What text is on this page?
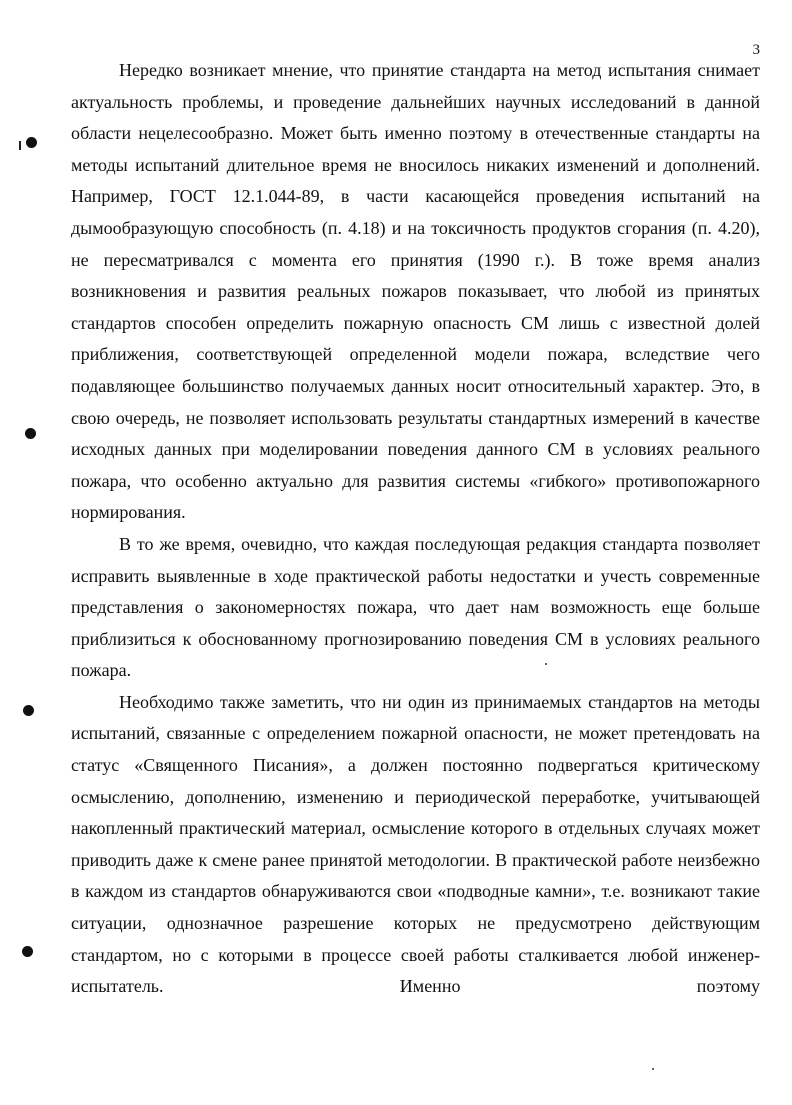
3

Нередко возникает мнение, что принятие стандарта на метод испытания снимает актуальность проблемы, и проведение дальнейших научных исследований в данной области нецелесообразно. Может быть именно поэтому в отечественные стандарты на методы испытаний длительное время не вносилось никаких изменений и дополнений. Например, ГОСТ 12.1.044-89, в части касающейся проведения испытаний на дымообразующую способность (п. 4.18) и на токсичность продуктов сгорания (п. 4.20), не пересматривался с момента его принятия (1990 г.). В тоже время анализ возникновения и развития реальных пожаров показывает, что любой из принятых стандартов способен определить пожарную опасность СМ лишь с известной долей приближения, соответствующей определенной модели пожара, вследствие чего подавляющее большинство получаемых данных носит относительный характер. Это, в свою очередь, не позволяет использовать результаты стандартных измерений в качестве исходных данных при моделировании поведения данного СМ в условиях реального пожара, что особенно актуально для развития системы «гибкого» противопожарного нормирования.

В то же время, очевидно, что каждая последующая редакция стандарта позволяет исправить выявленные в ходе практической работы недостатки и учесть современные представления о закономерностях пожара, что дает нам возможность еще больше приблизиться к обоснованному прогнозированию поведения СМ в условиях реального пожара.

Необходимо также заметить, что ни один из принимаемых стандартов на методы испытаний, связанные с определением пожарной опасности, не может претендовать на статус «Священного Писания», а должен постоянно подвергаться критическому осмыслению, дополнению, изменению и периодической переработке, учитывающей накопленный практический материал, осмысление которого в отдельных случаях может приводить даже к смене ранее принятой методологии. В практической работе неизбежно в каждом из стандартов обнаруживаются свои «подводные камни», т.е. возникают такие ситуации, однозначное разрешение которых не предусмотрено действующим стандартом, но с которыми в процессе своей работы сталкивается любой инженер-испытатель. Именно поэтому
